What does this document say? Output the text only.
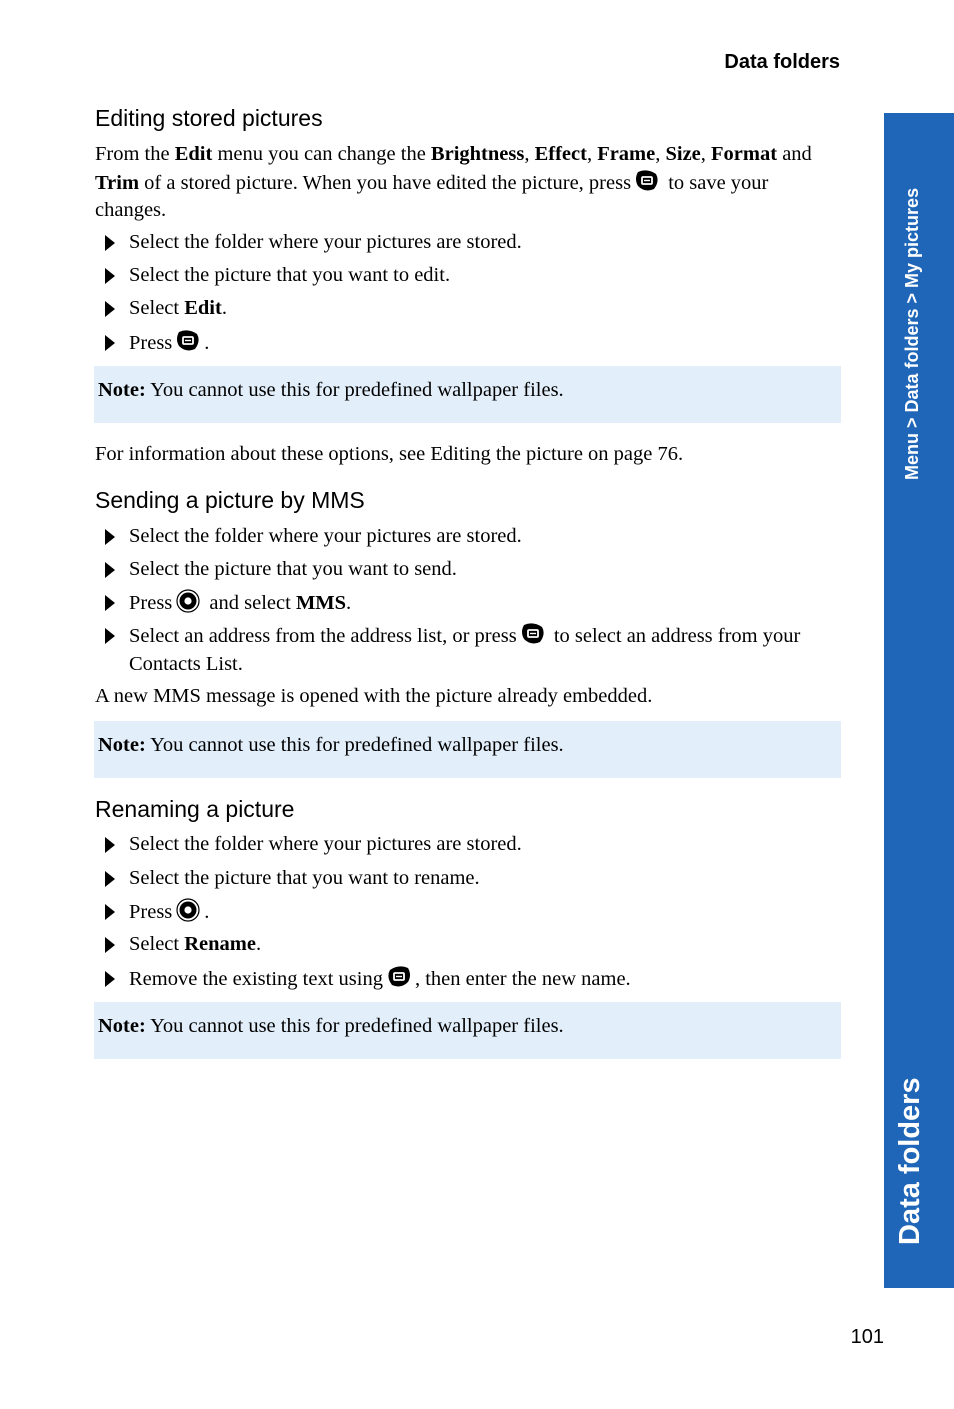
Data folders
Menu > Data folders > My pictures
Data folders
Editing stored pictures

From the Edit menu you can change the Brightness, Effect, Frame, Size, Format and
Trim of a stored picture. When you have edited the picture, press
to save your
changes.

Select the folder where your pictures are stored.
Select the picture that you want to edit.
Select Edit.
Press .
Note: You cannot use this for predefined wallpaper files.

For information about these options, see Editing the picture on page 76.

Sending a picture by MMS
Select the folder where your pictures are stored.
Select the picture that you want to send.
Press
and select MMS.
Select an address from the address list, or press
to select an address from your
Contacts List.

A new MMS message is opened with the picture already embedded.

Note: You cannot use this for predefined wallpaper files.
Renaming a picture
Select the folder where your pictures are stored.
Select the picture that you want to rename.
Press .
Select Rename.
Remove the existing text using , then enter the new name.
Note: You cannot use this for predefined wallpaper files.
101
